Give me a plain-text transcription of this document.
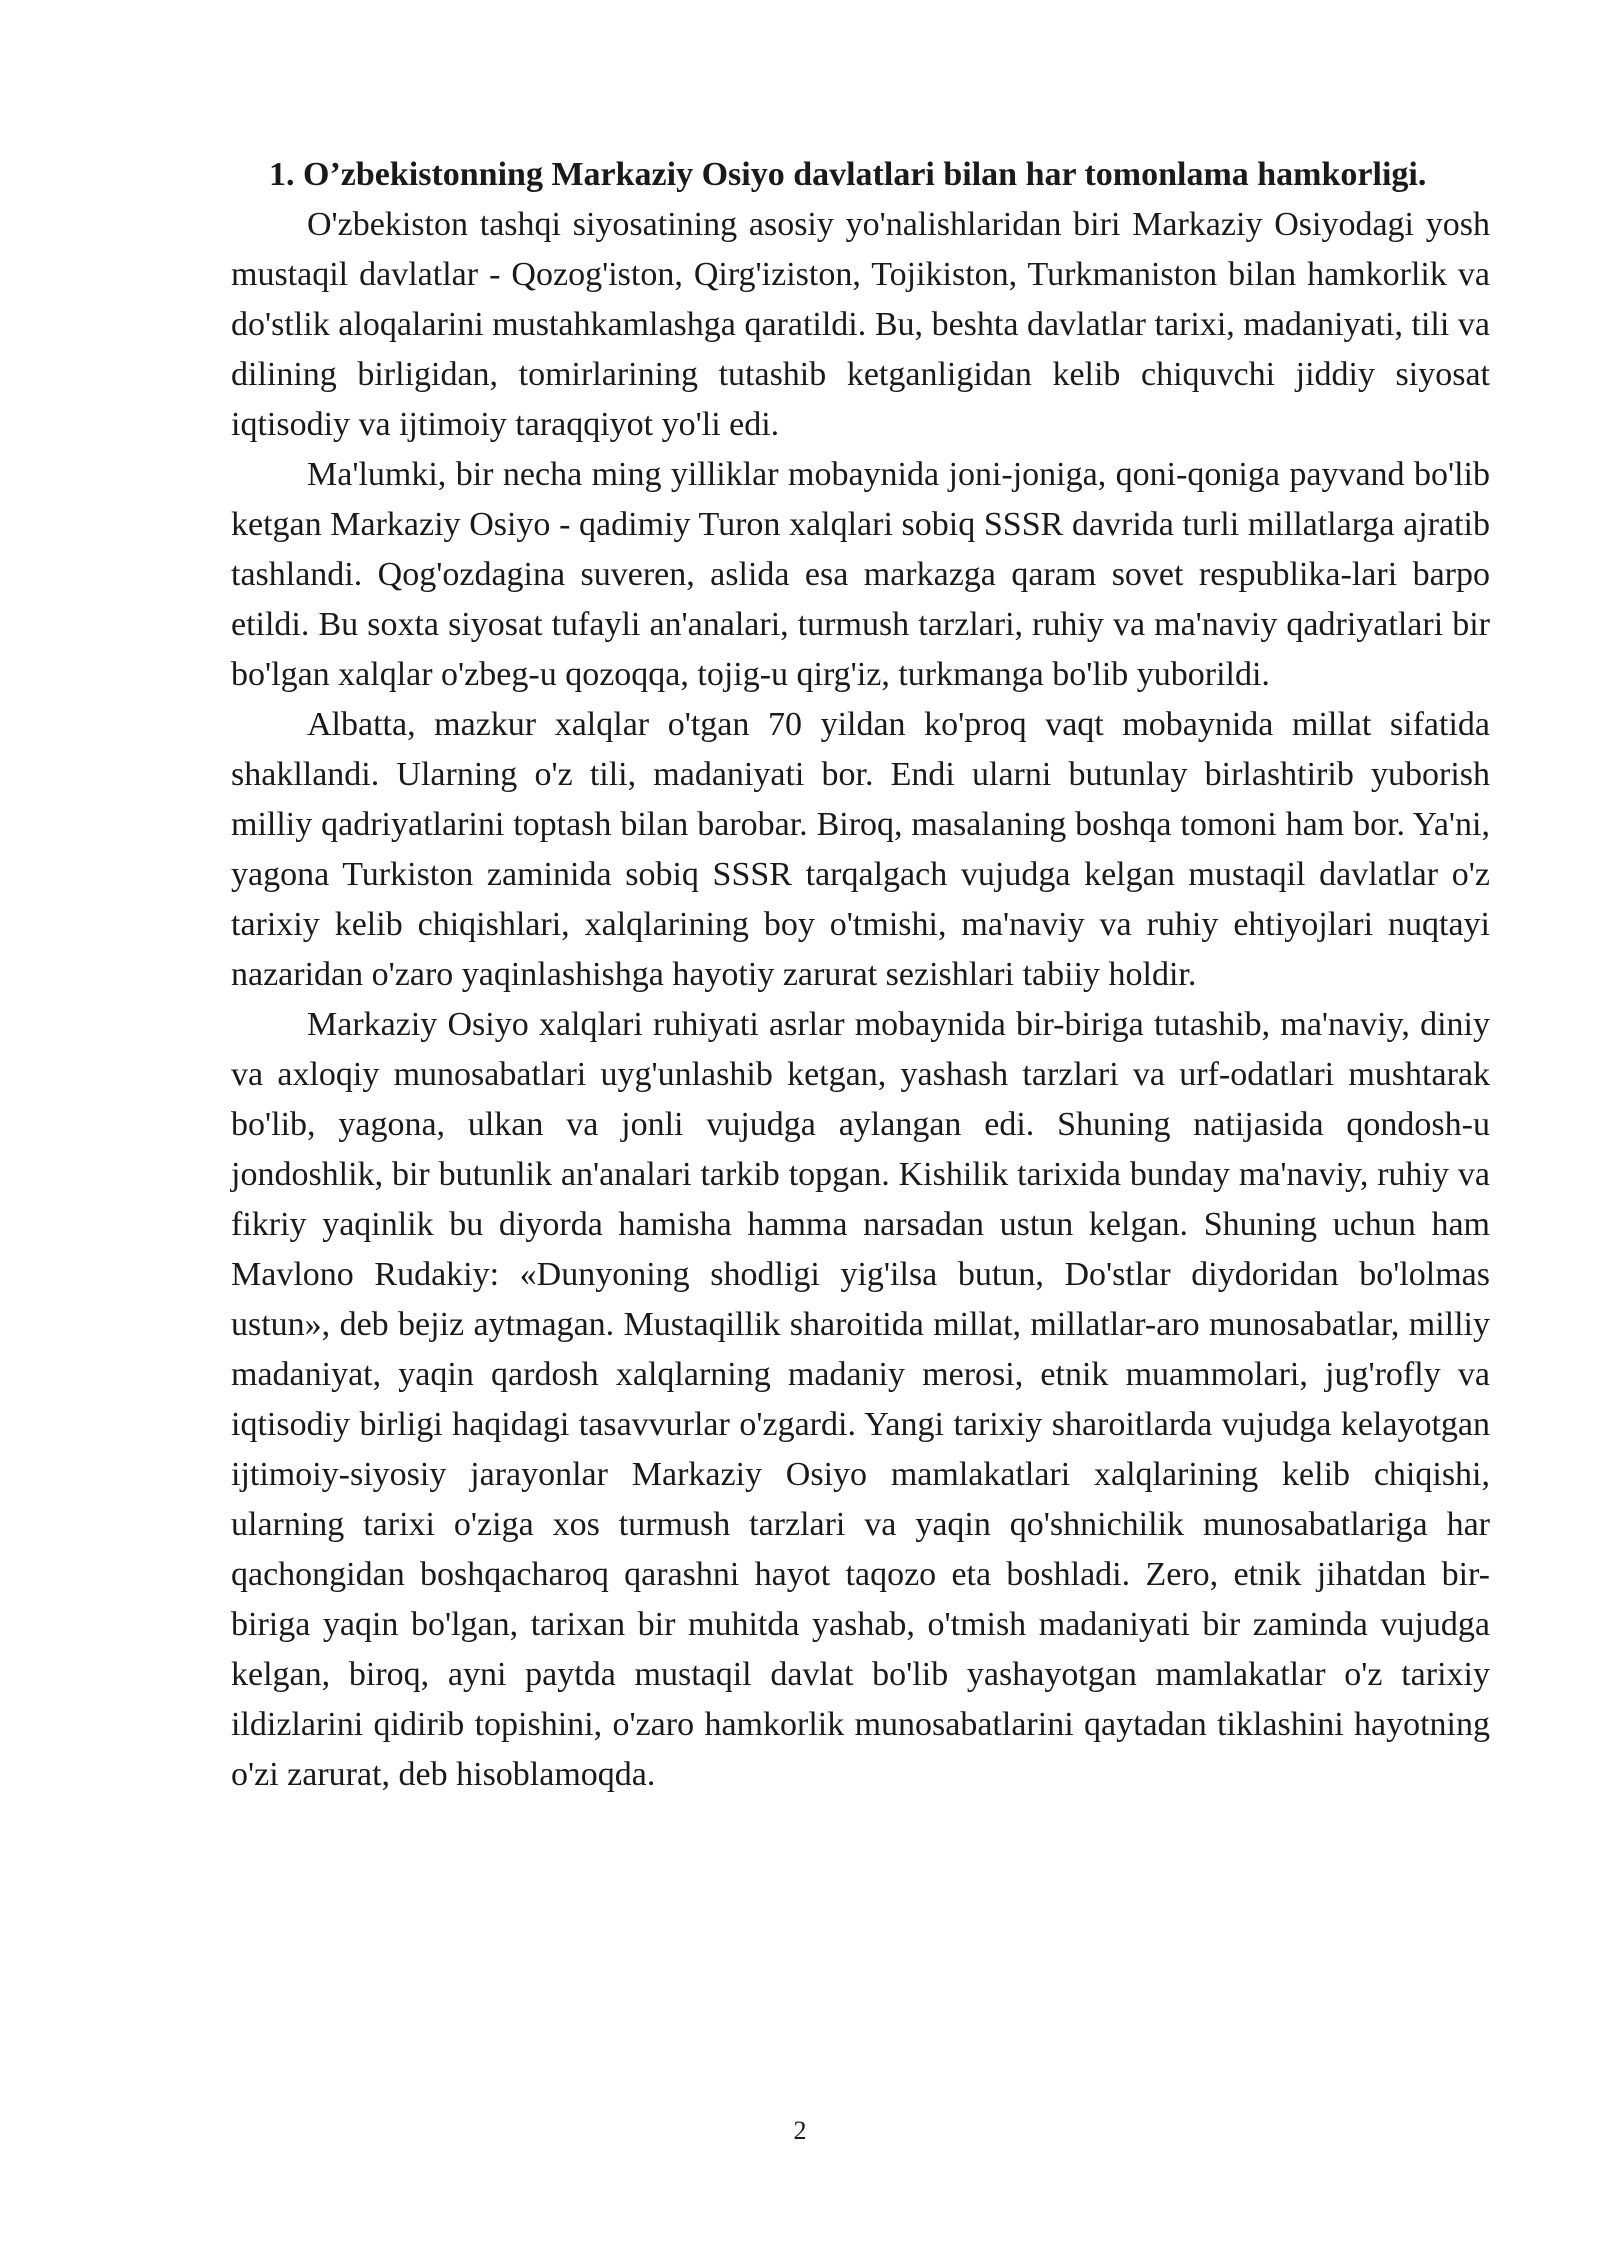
1. O’zbekistonning Markaziy Osiyo davlatlari bilan har tomonlama hamkorligi.

O'zbekiston tashqi siyosatining asosiy yo'nalishlaridan biri Markaziy Osiyodagi yosh mustaqil davlatlar - Qozog'iston, Qirg'iziston, Tojikiston, Turkmaniston bilan hamkorlik va do'stlik aloqalarini mustahkamlashga qaratildi. Bu, beshta davlatlar tarixi, madaniyati, tili va dilining birligidan, tomirlarining tutashib ketganligidan kelib chiquvchi jiddiy siyosat iqtisodiy va ijtimoiy taraqqiyot yo'li edi.

Ma'lumki, bir necha ming yilliklar mobaynida joni-joniga, qoni-qoniga payvand bo'lib ketgan Markaziy Osiyo - qadimiy Turon xalqlari sobiq SSSR davrida turli millatlarga ajratib tashlandi. Qog'ozdagina suveren, aslida esa markazga qaram sovet respublika-lari barpo etildi. Bu soxta siyosat tufayli an'analari, turmush tarzlari, ruhiy va ma'naviy qadriyatlari bir bo'lgan xalqlar o'zbeg-u qozoqqa, tojig-u qirg'iz, turkmanga bo'lib yuborildi.

Albatta, mazkur xalqlar o'tgan 70 yildan ko'proq vaqt mobaynida millat sifatida shakllandi. Ularning o'z tili, madaniyati bor. Endi ularni butunlay birlashtirib yuborish milliy qadriyatlarini toptash bilan barobar. Biroq, masalaning boshqa tomoni ham bor. Ya'ni, yagona Turkiston zaminida sobiq SSSR tarqalgach vujudga kelgan mustaqil davlatlar o'z tarixiy kelib chiqishlari, xalqlarining boy o'tmishi, ma'naviy va ruhiy ehtiyojlari nuqtayi nazaridan o'zaro yaqinlashishga hayotiy zarurat sezishlari tabiiy holdir.

Markaziy Osiyo xalqlari ruhiyati asrlar mobaynida bir-biriga tutashib, ma'naviy, diniy va axloqiy munosabatlari uyg'unlashib ketgan, yashash tarzlari va urf-odatlari mushtarak bo'lib, yagona, ulkan va jonli vujudga aylangan edi. Shuning natijasida qondosh-u jondoshlik, bir butunlik an'analari tarkib topgan. Kishilik tarixida bunday ma'naviy, ruhiy va fikriy yaqinlik bu diyorda hamisha hamma narsadan ustun kelgan. Shuning uchun ham Mavlono Rudakiy: «Dunyoning shodligi yig'ilsa butun, Do'stlar diydoridan bo'lolmas ustun», deb bejiz aytmagan. Mustaqillik sharoitida millat, millatlar-aro munosabatlar, milliy madaniyat, yaqin qardosh xalqlarning madaniy merosi, etnik muammolari, jug'rofly va iqtisodiy birligi haqidagi tasavvurlar o'zgardi. Yangi tarixiy sharoitlarda vujudga kelayotgan ijtimoiy-siyosiy jarayonlar Markaziy Osiyo mamlakatlari xalqlarining kelib chiqishi, ularning tarixi o'ziga xos turmush tarzlari va yaqin qo'shnichilik munosabatlariga har qachongidan boshqacharoq qarashni hayot taqozo eta boshladi. Zero, etnik jihatdan bir-biriga yaqin bo'lgan, tarixan bir muhitda yashab, o'tmish madaniyati bir zaminda vujudga kelgan, biroq, ayni paytda mustaqil davlat bo'lib yashayotgan mamlakatlar o'z tarixiy ildizlarini qidirib topishini, o'zaro hamkorlik munosabatlarini qaytadan tiklashini hayotning o'zi zarurat, deb hisoblamoqda.

2
